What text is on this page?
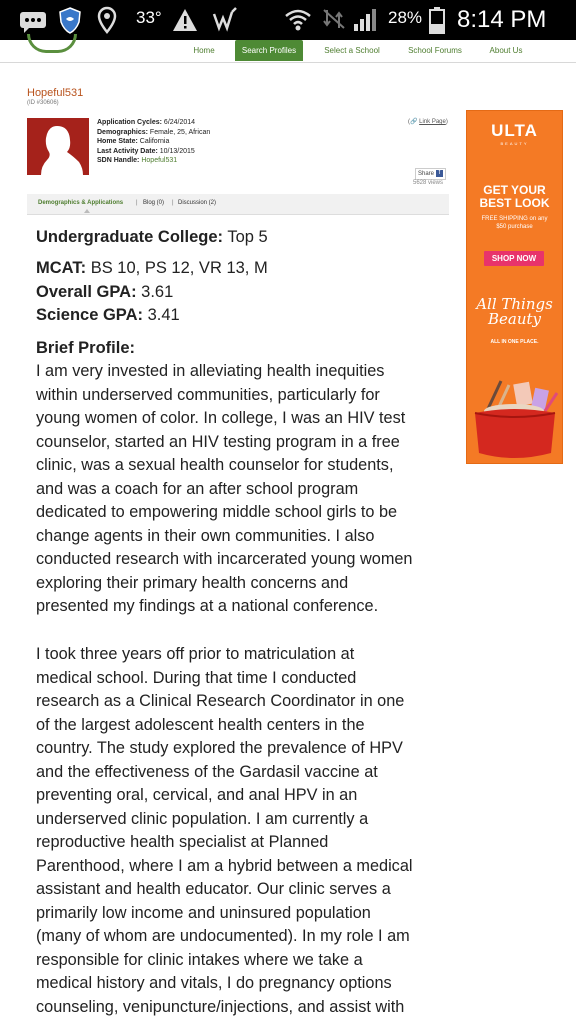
33°	28% 8:14 PM
Home	Search Profiles	Select a School	School Forums	About Us
Hopeful531
(ID #30606)
Application Cycles: 6/24/2014
Demographics: Female, 25, African
Home State: California
Last Activity Date: 10/13/2015
SDN Handle: Hopeful531
(🔗 Link Page)
Share f
5628 views
Demographics & Applications | Blog (0) | Discussion (2)
Undergraduate College: Top 5
MCAT: BS 10, PS 12, VR 13, M
Overall GPA: 3.61
Science GPA: 3.41
Brief Profile:
I am very invested in alleviating health inequities
within underserved communities, particularly for
young women of color. In college, I was an HIV test
counselor, started an HIV testing program in a free
clinic, was a sexual health counselor for students,
and was a coach for an after school program
dedicated to empowering middle school girls to be
change agents in their own communities. I also
conducted research with incarcerated young women
exploring their primary health concerns and
presented my findings at a national conference.
I took three years off prior to matriculation at
medical school. During that time I conducted
research as a Clinical Research Coordinator in one
of the largest adolescent health centers in the
country. The study explored the prevalence of HPV
and the effectiveness of the Gardasil vaccine at
preventing oral, cervical, and anal HPV in an
underserved clinic population. I am currently a
reproductive health specialist at Planned
Parenthood, where I am a hybrid between a medical
assistant and health educator. Our clinic serves a
primarily low income and uninsured population
(many of whom are undocumented). In my role I am
responsible for clinic intakes where we take a
medical history and vitals, I do pregnancy options
counseling, venipuncture/injections, and assist with
ULTA
BEAUTY
GET YOUR
BEST LOOK
FREE SHIPPING on any
$50 purchase
SHOP NOW
All Things
Beauty
ALL IN ONE PLACE.
